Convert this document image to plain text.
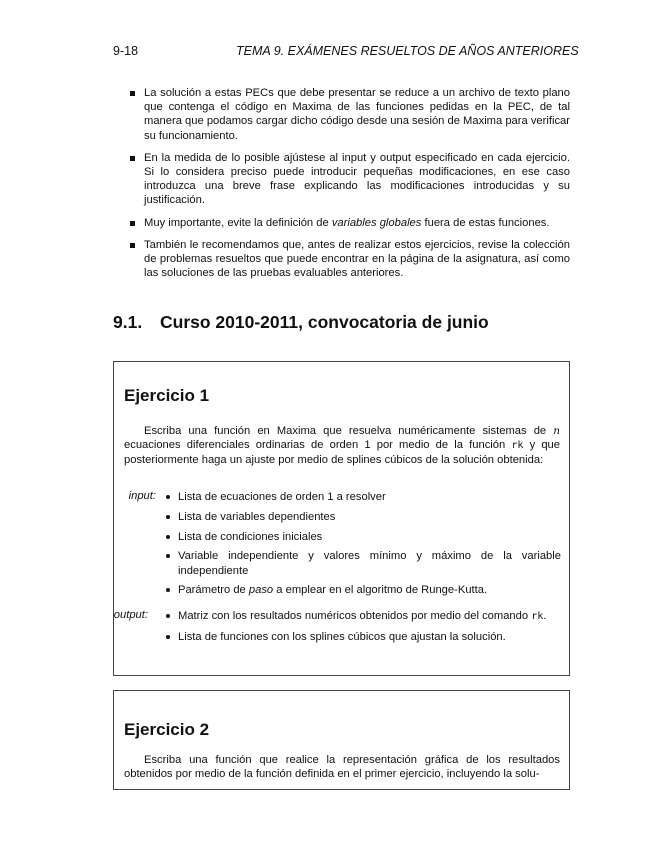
9-18	TEMA 9. EXÁMENES RESUELTOS DE AÑOS ANTERIORES
La solución a estas PECs que debe presentar se reduce a un archivo de texto plano que contenga el código en Maxima de las funciones pedidas en la PEC, de tal manera que podamos cargar dicho código desde una sesión de Maxima para verificar su funcionamiento.
En la medida de lo posible ajústese al input y output especificado en cada ejercicio. Si lo considera preciso puede introducir pequeñas modificaciones, en ese caso introduzca una breve frase explicando las modificaciones introducidas y su justificación.
Muy importante, evite la definición de variables globales fuera de estas funciones.
También le recomendamos que, antes de realizar estos ejercicios, revise la colección de problemas resueltos que puede encontrar en la página de la asignatura, así como las soluciones de las pruebas evaluables anteriores.
9.1. Curso 2010-2011, convocatoria de junio
Ejercicio 1
Escriba una función en Maxima que resuelva numéricamente sistemas de n ecuaciones diferenciales ordinarias de orden 1 por medio de la función rk y que posteriormente haga un ajuste por medio de splines cúbicos de la solución obtenida:
input:	Lista de ecuaciones de orden 1 a resolver
Lista de variables dependientes
Lista de condiciones iniciales
Variable independiente y valores mínimo y máximo de la variable independiente
Parámetro de paso a emplear en el algoritmo de Runge-Kutta.
output:	Matriz con los resultados numéricos obtenidos por medio del comando rk.
Lista de funciones con los splines cúbicos que ajustan la solución.
Ejercicio 2
Escriba una función que realice la representación gráfica de los resultados obtenidos por medio de la función definida en el primer ejercicio, incluyendo la solu-
